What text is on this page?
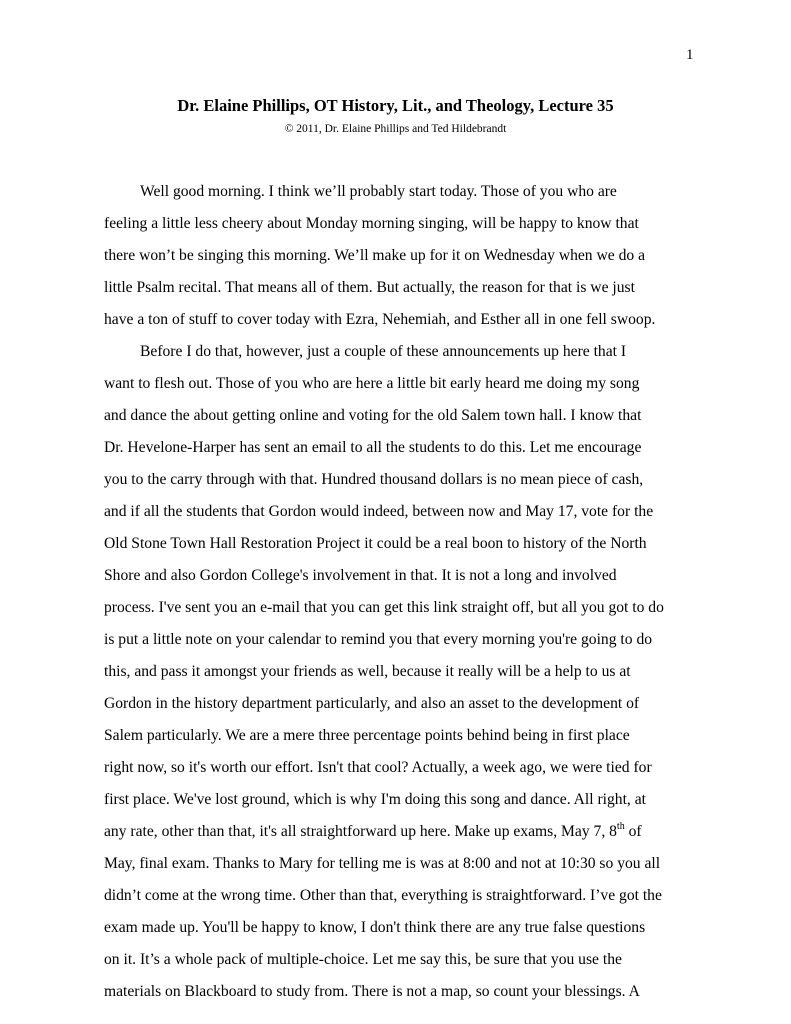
1
Dr. Elaine Phillips, OT History, Lit., and Theology, Lecture 35
© 2011, Dr. Elaine Phillips and Ted Hildebrandt
Well good morning. I think we’ll probably start today. Those of you who are
feeling a little less cheery about Monday morning singing, will be happy to know that
there won’t be singing this morning. We’ll make up for it on Wednesday when we do a
little Psalm recital. That means all of them. But actually, the reason for that is we just
have a ton of stuff to cover today with Ezra, Nehemiah, and Esther all in one fell swoop.
Before I do that, however, just a couple of these announcements up here that I
want to flesh out. Those of you who are here a little bit early heard me doing my song
and dance the about getting online and voting for the old Salem town hall. I know that
Dr. Hevelone-Harper has sent an email to all the students to do this. Let me encourage
you to the carry through with that. Hundred thousand dollars is no mean piece of cash,
and if all the students that Gordon would indeed, between now and May 17, vote for the
Old Stone Town Hall Restoration Project it could be a real boon to history of the North
Shore and also Gordon College's involvement in that. It is not a long and involved
process. I've sent you an e-mail that you can get this link straight off, but all you got to do
is put a little note on your calendar to remind you that every morning you're going to do
this, and pass it amongst your friends as well, because it really will be a help to us at
Gordon in the history department particularly, and also an asset to the development of
Salem particularly. We are a mere three percentage points behind being in first place
right now, so it's worth our effort. Isn't that cool? Actually, a week ago, we were tied for
first place. We've lost ground, which is why I'm doing this song and dance. All right, at
any rate, other than that, it's all straightforward up here. Make up exams, May 7, 8th of
May, final exam. Thanks to Mary for telling me is was at 8:00 and not at 10:30 so you all
didn’t come at the wrong time. Other than that, everything is straightforward. I’ve got the
exam made up. You'll be happy to know, I don't think there are any true false questions
on it. It’s a whole pack of multiple-choice. Let me say this, be sure that you use the
materials on Blackboard to study from. There is not a map, so count your blessings. A
